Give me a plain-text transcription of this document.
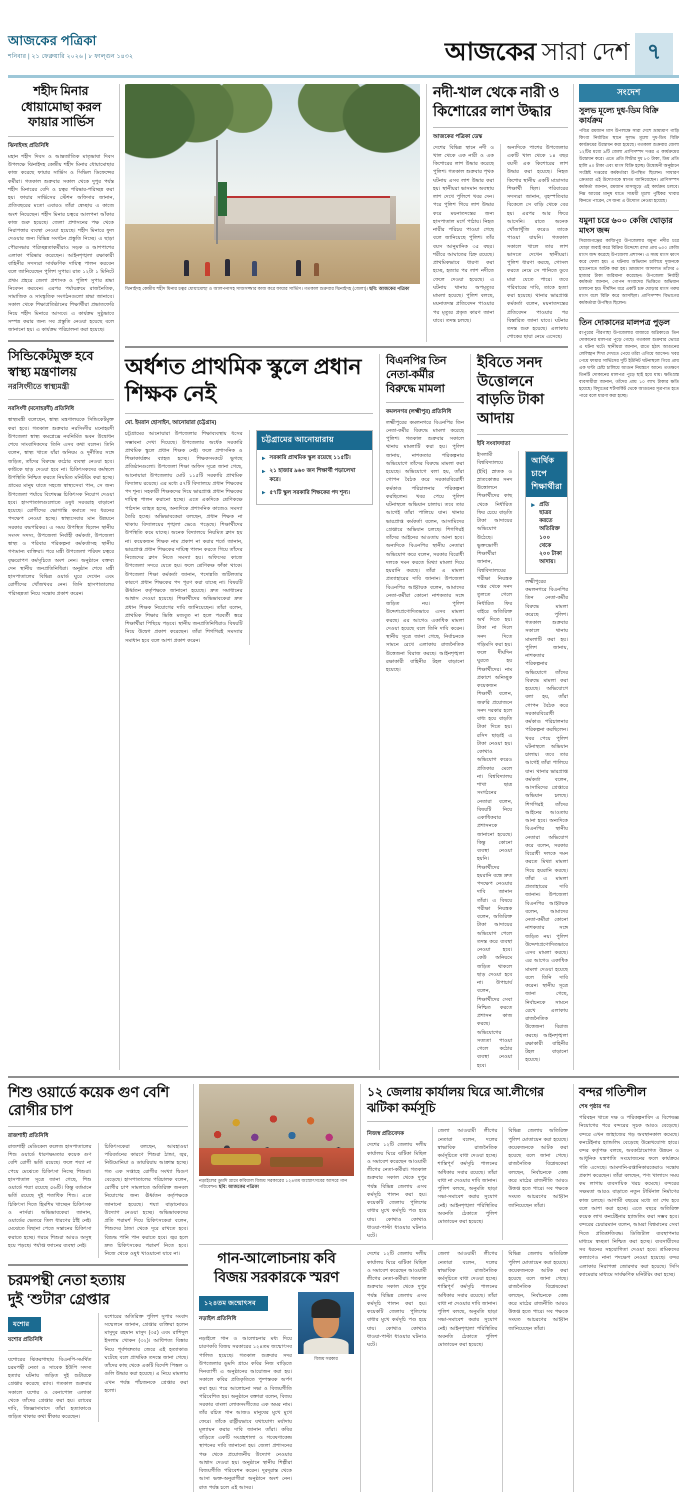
আজকের পত্রিকা
শনিবার | ২১ ফেব্রুয়ারি ২০২৬ | ৮ ফাল্গুন ১৪৩২	আজকের সারা দেশ ৭
শহীদ মিনার ধোয়ামোছা করল ফায়ার সার্ভিস
ঝিনাইদহ প্রতিনিধি
মহান শহীদ দিবস ও আন্তর্জাতিক মাতৃভাষা দিবস উপলক্ষে ঝিনাইদহ কেন্দ্রীয় শহীদ মিনার ধোয়ামোছার কাজ করেছে ফায়ার সার্ভিস ও সিভিল ডিফেন্সের কর্মীরা। গতকাল শুক্রবার সকাল থেকে দুপুর পর্যন্ত শহীদ মিনারের বেদি ও চত্বর পরিষ্কার-পরিচ্ছন্ন করা হয়। ফায়ার সার্ভিসের স্টেশন অফিসার জানান, প্রতিবছরের মতো এবারও তাঁরা স্বেচ্ছায় এ কাজে অংশ নিয়েছেন। শহীদ মিনার চত্বরে আলপনা আঁকার কাজ শুরু হয়েছে। জেলা প্রশাসনের পক্ষ থেকে নিরাপত্তার ব্যবস্থা নেওয়া হয়েছে। শহীদ মিনারে ফুল দেওয়ার জন্য বিভিন্ন সংগঠন প্রস্তুতি নিচ্ছে। এ ছাড়া পৌরসভার পরিচ্ছন্নতাকর্মীরাও সড়ক ও আশপাশের এলাকা পরিষ্কার করেছেন। আইনশৃঙ্খলা রক্ষাকারী বাহিনীর সদস্যরা সার্বক্ষণিক দায়িত্ব পালন করবেন বলে জানিয়েছেন পুলিশ সুপার। রাত ১২টা ১ মিনিটে প্রথম প্রহরে জেলা প্রশাসক ও পুলিশ সুপার শ্রদ্ধা নিবেদন করবেন। এরপর পর্যায়ক্রমে রাজনৈতিক, সামাজিক ও সাংস্কৃতিক সংগঠনগুলো শ্রদ্ধা জানাবে। সকাল থেকে শিক্ষাপ্রতিষ্ঠানের শিক্ষার্থীরা প্রভাতফেরি নিয়ে শহীদ মিনারে আসবে। এ কার্যক্রম সুষ্ঠুভাবে সম্পন্ন করার জন্য সব প্রস্তুতি নেওয়া হয়েছে বলে জানানো হয়। এ কার্যক্রম পরিচালনা করা হয়েছে।
সিন্ডিকেটমুক্ত হবে স্বাস্থ্য মন্ত্রণালয়
নরসিংদীতে স্বাস্থ্যমন্ত্রী
নরসিংদী (মনোহরদী) প্রতিনিধি
স্বাস্থ্যমন্ত্রী বলেছেন, স্বাস্থ্য মন্ত্রণালয়কে সিন্ডিকেটমুক্ত করা হবে। গতকাল শুক্রবার নরসিংদীর মনোহরদী উপজেলা স্বাস্থ্য কমপ্লেক্সে নবনির্মিত ভবন উদ্বোধন শেষে সাংবাদিকদের তিনি এসব কথা বলেন। তিনি বলেন, স্বাস্থ্য খাতে যাঁরা অনিয়ম ও দুর্নীতির সঙ্গে জড়িত, তাঁদের বিরুদ্ধে কঠোর ব্যবস্থা নেওয়া হবে। কাউকে ছাড় দেওয়া হবে না। চিকিৎসকদের কর্মস্থলে উপস্থিতি নিশ্চিত করতে নিয়মিত মনিটরিং করা হচ্ছে। গ্রামের মানুষ যাতে সহজে স্বাস্থ্যসেবা পান, সে জন্য উপজেলা পর্যায়ে বিশেষজ্ঞ চিকিৎসক নিয়োগ দেওয়া হবে। হাসপাতালগুলোতে ওষুধ সরবরাহ বাড়ানো হয়েছে। রোগীদের ভোগান্তি কমাতে সব ধরনের পদক্ষেপ নেওয়া হচ্ছে। স্বাস্থ্যসেবার মান উন্নয়নে সরকার বদ্ধপরিকর। এ সময় উপস্থিত ছিলেন স্থানীয় সংসদ সদস্য, উপজেলা নির্বাহী কর্মকর্তা, উপজেলা স্বাস্থ্য ও পরিবার পরিকল্পনা কর্মকর্তাসহ স্থানীয় গণ্যমান্য ব্যক্তিরা। পরে মন্ত্রী উপজেলা পরিষদ চত্বরে বৃক্ষরোপণ কর্মসূচিতে অংশ নেন। অনুষ্ঠানে বক্তব্য দেন স্থানীয় জনপ্রতিনিধিরা। অনুষ্ঠান শেষে মন্ত্রী হাসপাতালের বিভিন্ন ওয়ার্ড ঘুরে দেখেন এবং রোগীদের খোঁজখবর নেন। তিনি হাসপাতালের পরিচ্ছন্নতা নিয়ে সন্তোষ প্রকাশ করেন।
ঝিনাইদহ কেন্দ্রীয় শহীদ মিনার চত্বর ধোয়ামোছা ও আলপনাসহ সাজসজ্জার কাজ করে ফায়ার সার্ভিস। গতকাল শুক্রবার ঝিনাইদহ (জেলা)। ছবি: আজকের পত্রিকা
নদী-খাল থেকে নারী ও কিশোরের লাশ উদ্ধার
আজকের পত্রিকা ডেস্ক
দেশের বিভিন্ন স্থানে নদী ও খাল থেকে এক নারী ও এক কিশোরের লাশ উদ্ধার করেছে পুলিশ। গতকাল শুক্রবার পৃথক ঘটনায় এসব লাশ উদ্ধার করা হয়। স্থানীয়রা ভাসমান অবস্থায় লাশ দেখে পুলিশে খবর দেন। পরে পুলিশ গিয়ে লাশ উদ্ধার করে ময়নাতদন্তের জন্য হাসপাতাল মর্গে পাঠায়। নিহত নারীর পরিচয় পাওয়া গেছে বলে জানিয়েছে পুলিশ। তাঁর বয়স আনুমানিক ৩৫ বছর। শরীরে আঘাতের চিহ্ন রয়েছে। প্রাথমিকভাবে ধারণা করা হচ্ছে, হত্যার পর লাশ নদীতে ফেলে দেওয়া হয়েছে। এ ঘটনায় থানায় অপমৃত্যুর মামলা হয়েছে। পুলিশ বলছে, ময়নাতদন্ত প্রতিবেদন পাওয়ার পর মৃত্যুর প্রকৃত কারণ জানা যাবে। তদন্ত চলছে।
অন্যদিকে পাশের উপজেলার একটি খাল থেকে ১৪ বছর বয়সী এক কিশোরের লাশ উদ্ধার করা হয়েছে। নিহত কিশোর স্থানীয় একটি মাদ্রাসার শিক্ষার্থী ছিল। পরিবারের সদস্যরা জানান, বৃহস্পতিবার বিকেলে সে বাড়ি থেকে বের হয়। এরপর আর ফিরে আসেনি। রাতে অনেক খোঁজাখুঁজি করেও তাকে পাওয়া যায়নি। গতকাল সকালে খালে তার লাশ ভাসতে দেখেন স্থানীয়রা। পুলিশ ধারণা করছে, গোসল করতে নেমে সে পানিতে ডুবে মারা যেতে পারে। তবে পরিবারের দাবি, তাকে হত্যা করা হয়েছে। থানার ভারপ্রাপ্ত কর্মকর্তা বলেন, ময়নাতদন্তের প্রতিবেদন পাওয়ার পর বিস্তারিত জানা যাবে। ঘটনার তদন্ত শুরু হয়েছে। এলাকায় শোকের ছায়া নেমে এসেছে।
অর্ধশত প্রাথমিক স্কুলে প্রধান শিক্ষক নেই
মো. ইমরান হোসাইন, আনোয়ারা (চট্টগ্রাম)
চট্টগ্রামের আনোয়ারা উপজেলার শিক্ষাব্যবস্থায় ধসের সম্ভাবনা দেখা দিয়েছে। উপজেলার অর্ধেক সরকারি প্রাথমিক স্কুলে প্রধান শিক্ষক নেই। ফলে প্রশাসনিক ও শিক্ষাকার্যক্রম ব্যাহত হচ্ছে। শিক্ষকসংকটে ভুগছে প্রতিষ্ঠানগুলো। উপজেলা শিক্ষা অফিস সূত্রে জানা গেছে, আনোয়ারা উপজেলায় মোট ১১৫টি সরকারি প্রাথমিক বিদ্যালয় রয়েছে। এর মধ্যে ৫৭টি বিদ্যালয়ে প্রধান শিক্ষকের পদ শূন্য। সহকারী শিক্ষকদের দিয়ে ভারপ্রাপ্ত প্রধান শিক্ষকের দায়িত্ব পালন করানো হচ্ছে। এতে একদিকে শ্রেণিকক্ষে পাঠদান ব্যাহত হচ্ছে, অন্যদিকে প্রশাসনিক কাজেও সমস্যা তৈরি হচ্ছে। অভিভাবকেরা বলছেন, প্রধান শিক্ষক না থাকায় বিদ্যালয়ের শৃঙ্খলা ভেঙে পড়েছে। শিক্ষার্থীদের উপস্থিতি কমে যাচ্ছে। অনেক বিদ্যালয়ে নিয়মিত ক্লাস হয় না। কয়েকজন শিক্ষক নাম প্রকাশ না করার শর্তে জানান, ভারপ্রাপ্ত প্রধান শিক্ষকের দায়িত্ব পালন করতে গিয়ে তাঁদের নিজেদের ক্লাস নিতে সমস্যা হয়। অফিসের কাজে উপজেলা সদরে যেতে হয়। ফলে শ্রেণিকক্ষ ফাঁকা থাকে। উপজেলা শিক্ষা কর্মকর্তা জানান, পদোন্নতি জটিলতার কারণে প্রধান শিক্ষকের পদ পূরণ করা যাচ্ছে না। বিষয়টি ঊর্ধ্বতন কর্তৃপক্ষকে জানানো হয়েছে। দ্রুত সমাধানের আশ্বাস দেওয়া হয়েছে। শিক্ষার্থীদের অভিভাবকেরা দ্রুত প্রধান শিক্ষক নিয়োগের দাবি জানিয়েছেন। তাঁরা বলেন, প্রাথমিক শিক্ষার ভিত্তি মজবুত না হলে পরবর্তী স্তরে শিক্ষার্থীরা পিছিয়ে পড়বে। স্থানীয় জনপ্রতিনিধিরাও বিষয়টি নিয়ে উদ্বেগ প্রকাশ করেছেন। তাঁরা শিগগিরই সমস্যার সমাধান হবে বলে আশা প্রকাশ করেন।
চট্টগ্রামের আনোয়ারায়
সরকারি প্রাথমিক স্কুল রয়েছে ১১৫টি।
২১ হাজার ৯৬০ জন শিক্ষার্থী পড়ালেখা করে।
৫৭টি স্কুল সরকারি শিক্ষকের পদ শূন্য।
বিএনপির তিন নেতা-কর্মীর বিরুদ্ধে মামলা
কমলনগর (লক্ষ্মীপুর) প্রতিনিধি
লক্ষ্মীপুরের কমলনগরে বিএনপির তিন নেতা-কর্মীর বিরুদ্ধে মামলা করেছে পুলিশ। গতকাল শুক্রবার সকালে থানায় মামলাটি করা হয়। পুলিশ জানায়, নাশকতার পরিকল্পনার অভিযোগে তাঁদের বিরুদ্ধে মামলা করা হয়েছে। অভিযোগে বলা হয়, তাঁরা গোপন বৈঠক করে সরকারবিরোধী কর্মকাণ্ড পরিচালনার পরিকল্পনা করছিলেন। খবর পেয়ে পুলিশ ঘটনাস্থলে অভিযান চালায়। তবে তার আগেই তাঁরা পালিয়ে যান। থানার ভারপ্রাপ্ত কর্মকর্তা বলেন, আসামিদের গ্রেপ্তারে অভিযান চলছে। শিগগিরই তাঁদের আইনের আওতায় আনা হবে। অন্যদিকে বিএনপির স্থানীয় নেতারা অভিযোগ করে বলেন, সরকার বিরোধী দলকে দমন করতে মিথ্যা মামলা দিয়ে হয়রানি করছে। তাঁরা এ মামলা প্রত্যাহারের দাবি জানান। উপজেলা বিএনপির আহ্বায়ক বলেন, আমাদের নেতা-কর্মীরা কোনো নাশকতার সঙ্গে জড়িত নয়। পুলিশ উদ্দেশ্যপ্রণোদিতভাবে এসব মামলা করছে। এর আগেও একাধিক মামলা দেওয়া হয়েছে বলে তিনি দাবি করেন। স্থানীয় সূত্রে জানা গেছে, নির্বাচনকে সামনে রেখে এলাকায় রাজনৈতিক উত্তেজনা বিরাজ করছে। আইনশৃঙ্খলা রক্ষাকারী বাহিনীর টহল বাড়ানো হয়েছে।
ইবিতে সনদ উত্তোলনে বাড়তি টাকা আদায়
ইবি সংবাদদাতা
ইসলামী বিশ্ববিদ্যালয়ে (ইবি) স্নাতক ও স্নাতকোত্তর সনদ উত্তোলনে শিক্ষার্থীদের কাছ থেকে নির্ধারিত ফির চেয়ে বাড়তি টাকা আদায়ের অভিযোগ উঠেছে। ভুক্তভোগী শিক্ষার্থীরা জানান, বিশ্ববিদ্যালয়ের পরীক্ষা নিয়ন্ত্রক দপ্তর থেকে সনদ তুলতে গেলে নির্ধারিত ফির বাইরে অতিরিক্ত অর্থ দিতে হয়। টাকা না দিলে সনদ দিতে গড়িমসি করা হয়। ফলে দীর্ঘদিন ঘুরতে হয় শিক্ষার্থীদের। নাম প্রকাশে অনিচ্ছুক কয়েকজন শিক্ষার্থী বলেন, জরুরি প্রয়োজনে সনদ দরকার হলে বাধ্য হয়ে বাড়তি টাকা দিতে হয়। রসিদ ছাড়াই এ টাকা নেওয়া হয়। কোথাও অভিযোগ করেও প্রতিকার মেলে না। বিশ্ববিদ্যালয় শাখা ছাত্র সংগঠনের নেতারা বলেন, বিষয়টি নিয়ে একাধিকবার প্রশাসনকে জানানো হয়েছে। কিন্তু কোনো ব্যবস্থা নেওয়া হয়নি। শিক্ষার্থীদের হয়রানি বন্ধে দ্রুত পদক্ষেপ নেওয়ার দাবি জানান তাঁরা। এ বিষয়ে পরীক্ষা নিয়ন্ত্রক বলেন, অতিরিক্ত টাকা আদায়ের অভিযোগ পেলে তদন্ত করে ব্যবস্থা নেওয়া হবে। কেউ অনিয়মে জড়িত থাকলে ছাড় দেওয়া হবে না। উপাচার্য বলেন, শিক্ষার্থীদের সেবা নিশ্চিত করতে প্রশাসন কাজ করছে। অভিযোগের সত্যতা পাওয়া গেলে কঠোর ব্যবস্থা নেওয়া হবে।
আর্থিক চাপে শিক্ষার্থীরা
প্রতি ছাত্রর করতে অতিরিক্ত ১০০ থেকে ২০০ টাকা আদায়।
লক্ষ্মীপুরের কমলনগরে বিএনপির তিন নেতা-কর্মীর বিরুদ্ধে মামলা করেছে পুলিশ। গতকাল শুক্রবার সকালে থানায় মামলাটি করা হয়। পুলিশ জানায়, নাশকতার পরিকল্পনার অভিযোগে তাঁদের বিরুদ্ধে মামলা করা হয়েছে। অভিযোগে বলা হয়, তাঁরা গোপন বৈঠক করে সরকারবিরোধী কর্মকাণ্ড পরিচালনার পরিকল্পনা করছিলেন। খবর পেয়ে পুলিশ ঘটনাস্থলে অভিযান চালায়। তবে তার আগেই তাঁরা পালিয়ে যান। থানার ভারপ্রাপ্ত কর্মকর্তা বলেন, আসামিদের গ্রেপ্তারে অভিযান চলছে। শিগগিরই তাঁদের আইনের আওতায় আনা হবে। অন্যদিকে বিএনপির স্থানীয় নেতারা অভিযোগ করে বলেন, সরকার বিরোধী দলকে দমন করতে মিথ্যা মামলা দিয়ে হয়রানি করছে। তাঁরা এ মামলা প্রত্যাহারের দাবি জানান। উপজেলা বিএনপির আহ্বায়ক বলেন, আমাদের নেতা-কর্মীরা কোনো নাশকতার সঙ্গে জড়িত নয়। পুলিশ উদ্দেশ্যপ্রণোদিতভাবে এসব মামলা করছে। এর আগেও একাধিক মামলা দেওয়া হয়েছে বলে তিনি দাবি করেন। স্থানীয় সূত্রে জানা গেছে, নির্বাচনকে সামনে রেখে এলাকায় রাজনৈতিক উত্তেজনা বিরাজ করছে। আইনশৃঙ্খলা রক্ষাকারী বাহিনীর টহল বাড়ানো হয়েছে।
সংদেশ
সুলভ মূল্যে দুধ-ডিম বিক্রি কার্যক্রম
পবিত্র রমজান মাস উপলক্ষে সারা দেশে ভ্রাম্যমাণ গাড়ি কিংবা নির্ধারিত স্থানে সুলভ মূল্যে দুধ-ডিম বিক্রি কার্যক্রমের উদ্বোধন করা হয়েছে। গতকাল শুক্রবার জেলা ১২টির মধ্যে ৯টি জেলা প্রাণিসম্পদ দপ্তর এ কার্যক্রমের উদ্বোধন করে। এতে প্রতি লিটার দুধ ৮০ টাকা, ডিম প্রতি হালি ৪০ টাকা এবং মাংস বিক্রি হচ্ছে। উদ্বোধনী অনুষ্ঠানে সংশ্লিষ্ট দপ্তরের কর্মকর্তারা উপস্থিত ছিলেন। সাধারণ ক্রেতারা এই উদ্যোগকে স্বাগত জানিয়েছেন। প্রাণিসম্পদ কর্মকর্তা জানান, রমজান মাসজুড়ে এই কার্যক্রম চলবে। নিম্ন আয়ের মানুষ যাতে সাশ্রয়ী মূল্যে পুষ্টিকর খাবার কিনতে পারেন, সে জন্য এ উদ্যোগ নেওয়া হয়েছে।
যমুনা চরে ৬০০ কেজি ঘোড়ার মাংস জব্দ
সিরাজগঞ্জের কাজিপুর উপজেলার যমুনা নদীর চরে ঘোড়া জবাই করে বিক্রির উদ্দেশ্যে রাখা প্রায় ৬০০ কেজি মাংস জব্দ করেছে উপজেলা প্রশাসন। এ সময় মাংস ধ্বংস করে ফেলা হয়। এ ঘটনায় অভিযান চালিয়ে দুজনকে হাতেনাতে আটক করা হয়। ভ্রাম্যমাণ আদালত তাঁদের ৫ হাজার টাকা জরিমানা করেছেন। উপজেলা নির্বাহী কর্মকর্তা জানান, গোপন সংবাদের ভিত্তিতে অভিযান চালানো হয়। দীর্ঘদিন ধরে একটি চক্র ঘোড়ার মাংস গরুর মাংস বলে বিক্রি করে আসছিল। প্রাণিসম্পদ বিভাগের কর্মকর্তারা উপস্থিত ছিলেন।
তিন দোকানের মালপত্র পুড়ল
রংপুরের পীরগাছা উপজেলার বাজারে অগ্নিকাণ্ডে তিন দোকানের মালপত্র পুড়ে গেছে। গতকাল শুক্রবার ভোরে এ ঘটনা ঘটে। স্থানীয়রা জানান, রাতে হঠাৎ আগুনের লেলিহান শিখা দেখতে পেয়ে তাঁরা এগিয়ে আসেন। খবর পেয়ে ফায়ার সার্ভিসের দুটি ইউনিট ঘটনাস্থলে গিয়ে প্রায় এক ঘণ্টা চেষ্টা চালিয়ে আগুন নিয়ন্ত্রণে আনে। ততক্ষণে তিনটি দোকানের মালপত্র পুড়ে ছাই হয়ে যায়। ক্ষতিগ্রস্ত ব্যবসায়ীরা জানান, তাঁদের প্রায় ১০ লাখ টাকার ক্ষতি হয়েছে। বিদ্যুতের শর্টসার্কিট থেকে আগুনের সূত্রপাত হতে পারে বলে ধারণা করা হচ্ছে।
শিশু ওয়ার্ডে কয়েক গুণ বেশি রোগীর চাপ
রাজশাহী প্রতিনিধি
রাজশাহী মেডিকেল কলেজ হাসপাতালের শিশু ওয়ার্ডে ধারণক্ষমতার কয়েক গুণ বেশি রোগী ভর্তি রয়েছে। ফলে শয্যা না পেয়ে মেঝেতে চিকিৎসা নিচ্ছে শিশুরা। হাসপাতাল সূত্রে জানা গেছে, শিশু ওয়ার্ডে শয্যা রয়েছে ৫৬টি। কিন্তু বর্তমানে ভর্তি রয়েছে দুই শতাধিক শিশু। এতে চিকিৎসা দিতে হিমশিম খাচ্ছেন চিকিৎসক ও নার্সরা। অভিভাবকেরা জানান, ওয়ার্ডের ভেতরে তিল ধারণের ঠাঁই নেই। মেঝেতে বিছানা পেতে সন্তানের চিকিৎসা করাতে হচ্ছে। গরমে শিশুরা আরও অসুস্থ হয়ে পড়ছে। পর্যাপ্ত ফ্যানের ব্যবস্থা নেই।
চিকিৎসকেরা বলছেন, আবহাওয়া পরিবর্তনের কারণে শিশুরা ঠান্ডা, জ্বর, নিউমোনিয়া ও ডায়রিয়ায় আক্রান্ত হচ্ছে। গত এক সপ্তাহে রোগীর সংখ্যা দ্বিগুণ বেড়েছে। হাসপাতালের পরিচালক বলেন, রোগীর চাপ সামলাতে অতিরিক্ত জনবল নিয়োগের জন্য ঊর্ধ্বতন কর্তৃপক্ষকে জানানো হয়েছে। শয্যা বাড়ানোরও উদ্যোগ নেওয়া হচ্ছে। অভিভাবকদের প্রতি পরামর্শ দিয়ে চিকিৎসকেরা বলেন, শিশুদের ঠান্ডা থেকে দূরে রাখতে হবে। বিশুদ্ধ পানি পান করাতে হবে। জ্বর হলে দ্রুত চিকিৎসকের পরামর্শ নিতে হবে। নিজে থেকে ওষুধ খাওয়ানো যাবে না।
চরমপন্থী নেতা হত্যায়
দুই ‘শুটার’ গ্রেপ্তার
যশোর
যশোর প্রতিনিধি
যশোরের ঝিকরগাছায় বিএনপি-সমর্থিত চরমপন্থী নেতা ও সাবেক ইউপি সদস্য হত্যার ঘটনায় জড়িত দুই শুটারকে গ্রেপ্তার করেছে র‍্যাব। গতকাল শুক্রবার সকালে যশোর ও বেনাপোল এলাকা থেকে তাঁদের গ্রেপ্তার করা হয়। র‍্যাবের দাবি, জিজ্ঞাসাবাদে তাঁরা হত্যাকাণ্ডে জড়িত থাকার কথা স্বীকার করেছেন।
যশোরের অতিরিক্ত পুলিশ সুপার সংবাদ সম্মেলনে জানান, গ্রেপ্তার ব্যক্তিরা হলেন মাসুদুর রহমান মাসুদ (৩৫) এবং রাশিদুল ইসলাম খোকন (৩২)। আধিপত্য বিস্তার নিয়ে পূর্বশত্রুতার জেরে এই হত্যাকাণ্ড ঘটেছে বলে প্রাথমিক তদন্তে জানা গেছে। তাঁদের কাছ থেকে একটি বিদেশি পিস্তল ও গুলি উদ্ধার করা হয়েছে। এ নিয়ে মামলায় এখন পর্যন্ত পাঁচজনকে গ্রেপ্তার করা হলো।
নড়াইলের ডুমদি গ্রামে কবিয়াল বিজয় সরকারের ১২৪তম জন্মোৎসবের আসরে গান পরিবেশন। ছবি: আজকের পত্রিকা
১২ জেলায় কার্যালয় ঘিরে আ.লীগের ঝটিকা কর্মসূচি
নিজস্ব প্রতিবেদক
দেশের ১২টি জেলায় দলীয় কার্যালয় ঘিরে ঝটিকা মিছিল ও সমাবেশ করেছেন আওয়ামী লীগের নেতা-কর্মীরা। গতকাল শুক্রবার সকাল থেকে দুপুর পর্যন্ত বিভিন্ন জেলায় এসব কর্মসূচি পালন করা হয়। কয়েকটি জেলায় পুলিশের বাধার মুখে কর্মসূচি পণ্ড হয়ে যায়। কোথাও কোথাও ধাওয়া-পাল্টা ধাওয়ার ঘটনাও ঘটে।
জেলা আওয়ামী লীগের নেতারা বলেন, দলের স্বাভাবিক রাজনৈতিক কর্মসূচিতে বাধা দেওয়া হচ্ছে। শান্তিপূর্ণ কর্মসূচি পালনের অধিকার সবার রয়েছে। তাঁরা বাধা না দেওয়ার দাবি জানান। পুলিশ বলছে, অনুমতি ছাড়া সভা-সমাবেশ করার সুযোগ নেই। আইনশৃঙ্খলা পরিস্থিতির অবনতি ঠেকাতে পুলিশ মোতায়েন করা হয়েছে।
বিভিন্ন জেলায় অতিরিক্ত পুলিশ মোতায়েন করা হয়েছে। কয়েকজনকে আটক করা হয়েছে বলে জানা গেছে। রাজনৈতিক বিশ্লেষকেরা বলছেন, নির্বাচনকে কেন্দ্র করে মাঠের রাজনীতি আরও উত্তপ্ত হতে পারে। সব পক্ষকে সংযত আচরণের আহ্বান জানিয়েছেন তাঁরা।
গান-আলোচনায় কবি
বিজয় সরকারকে স্মরণ
১২৪তম জন্মোৎসব
নড়াইল প্রতিনিধি
নড়াইলে গান ও আলোচনার মধ্য দিয়ে চারণকবি বিজয় সরকারের ১২৪তম জন্মোৎসব পালিত হয়েছে। গতকাল শুক্রবার সদর উপজেলার ডুমদি গ্রামে কবির নিজ বাড়িতে দিনব্যাপী এ অনুষ্ঠানের আয়োজন করা হয়। সকালে কবির প্রতিকৃতিতে পুষ্পস্তবক অর্পণ করা হয়। পরে আলোচনা সভা ও বিজয়গীতি পরিবেশিত হয়। অনুষ্ঠানে বক্তারা বলেন, বিজয় সরকার বাংলা লোকসংগীতের এক অমর নাম। তাঁর রচিত গান আজও মানুষের মুখে মুখে ফেরে। তাঁকে রাষ্ট্রীয়ভাবে যথাযোগ্য মর্যাদায় মূল্যায়ন করার দাবি জানান তাঁরা। কবির বাড়িতে একটি সংগ্রহশালা ও গবেষণাকেন্দ্র স্থাপনের দাবি জানানো হয়। জেলা প্রশাসনের পক্ষ থেকে প্রয়োজনীয় উদ্যোগ নেওয়ার আশ্বাস দেওয়া হয়। অনুষ্ঠানে স্থানীয় শিল্পীরা বিজয়গীতি পরিবেশন করেন। দূরদূরান্ত থেকে আসা ভক্ত-অনুরাগীরা অনুষ্ঠানে অংশ নেন। রাত পর্যন্ত চলে এই আসর।
বিজয় সরকার
দেশের ১২টি জেলায় দলীয় কার্যালয় ঘিরে ঝটিকা মিছিল ও সমাবেশ করেছেন আওয়ামী লীগের নেতা-কর্মীরা। গতকাল শুক্রবার সকাল থেকে দুপুর পর্যন্ত বিভিন্ন জেলায় এসব কর্মসূচি পালন করা হয়। কয়েকটি জেলায় পুলিশের বাধার মুখে কর্মসূচি পণ্ড হয়ে যায়। কোথাও কোথাও ধাওয়া-পাল্টা ধাওয়ার ঘটনাও ঘটে।
জেলা আওয়ামী লীগের নেতারা বলেন, দলের স্বাভাবিক রাজনৈতিক কর্মসূচিতে বাধা দেওয়া হচ্ছে। শান্তিপূর্ণ কর্মসূচি পালনের অধিকার সবার রয়েছে। তাঁরা বাধা না দেওয়ার দাবি জানান। পুলিশ বলছে, অনুমতি ছাড়া সভা-সমাবেশ করার সুযোগ নেই। আইনশৃঙ্খলা পরিস্থিতির অবনতি ঠেকাতে পুলিশ মোতায়েন করা হয়েছে।
বিভিন্ন জেলায় অতিরিক্ত পুলিশ মোতায়েন করা হয়েছে। কয়েকজনকে আটক করা হয়েছে বলে জানা গেছে। রাজনৈতিক বিশ্লেষকেরা বলছেন, নির্বাচনকে কেন্দ্র করে মাঠের রাজনীতি আরও উত্তপ্ত হতে পারে। সব পক্ষকে সংযত আচরণের আহ্বান জানিয়েছেন তাঁরা।
বন্দর গতিশীল
শেষ পৃষ্ঠার পর
পরিবহন খাতে দক্ষ ও পরিকল্পনাবিদ এ বিশেষজ্ঞ নিয়োগের পরে বন্দরের সূচক আরও বেড়েছে। বন্দরে এখন জাহাজের গড় অবস্থানকাল কমেছে। কনটেইনার হ্যান্ডলিং বেড়েছে উল্লেখযোগ্য হারে। বন্দর কর্তৃপক্ষ বলছে, অবকাঠামোগত উন্নয়ন ও আধুনিক যন্ত্রপাতি সংযোজনের ফলে কার্যক্রমে গতি এসেছে। আমদানি-রপ্তানিকারকেরাও সন্তোষ প্রকাশ করেছেন। তাঁরা বলছেন, পণ্য খালাসে সময় কম লাগায় ব্যবসায়িক খরচ কমেছে। বন্দরের সক্ষমতা আরও বাড়াতে নতুন টার্মিনাল নির্মাণের কাজ চলছে। আগামী বছরের মধ্যে তা শেষ হবে বলে আশা করা হচ্ছে। এতে বছরে অতিরিক্ত কয়েক লাখ কনটেইনার হ্যান্ডলিং করা সম্ভব হবে। বন্দরের চেয়ারম্যান বলেন, আমরা বিশ্বমানের সেবা দিতে প্রতিশ্রুতিবদ্ধ। ডিজিটাল ব্যবস্থাপনার মাধ্যমে স্বচ্ছতা নিশ্চিত করা হচ্ছে। ব্যবসায়ীদের সব ধরনের সহযোগিতা দেওয়া হবে। শ্রমিকদের কল্যাণেও নানা পদক্ষেপ নেওয়া হয়েছে। বন্দর এলাকার নিরাপত্তা জোরদার করা হয়েছে। সিসি ক্যামেরার মাধ্যমে সার্বক্ষণিক মনিটরিং করা হচ্ছে।
